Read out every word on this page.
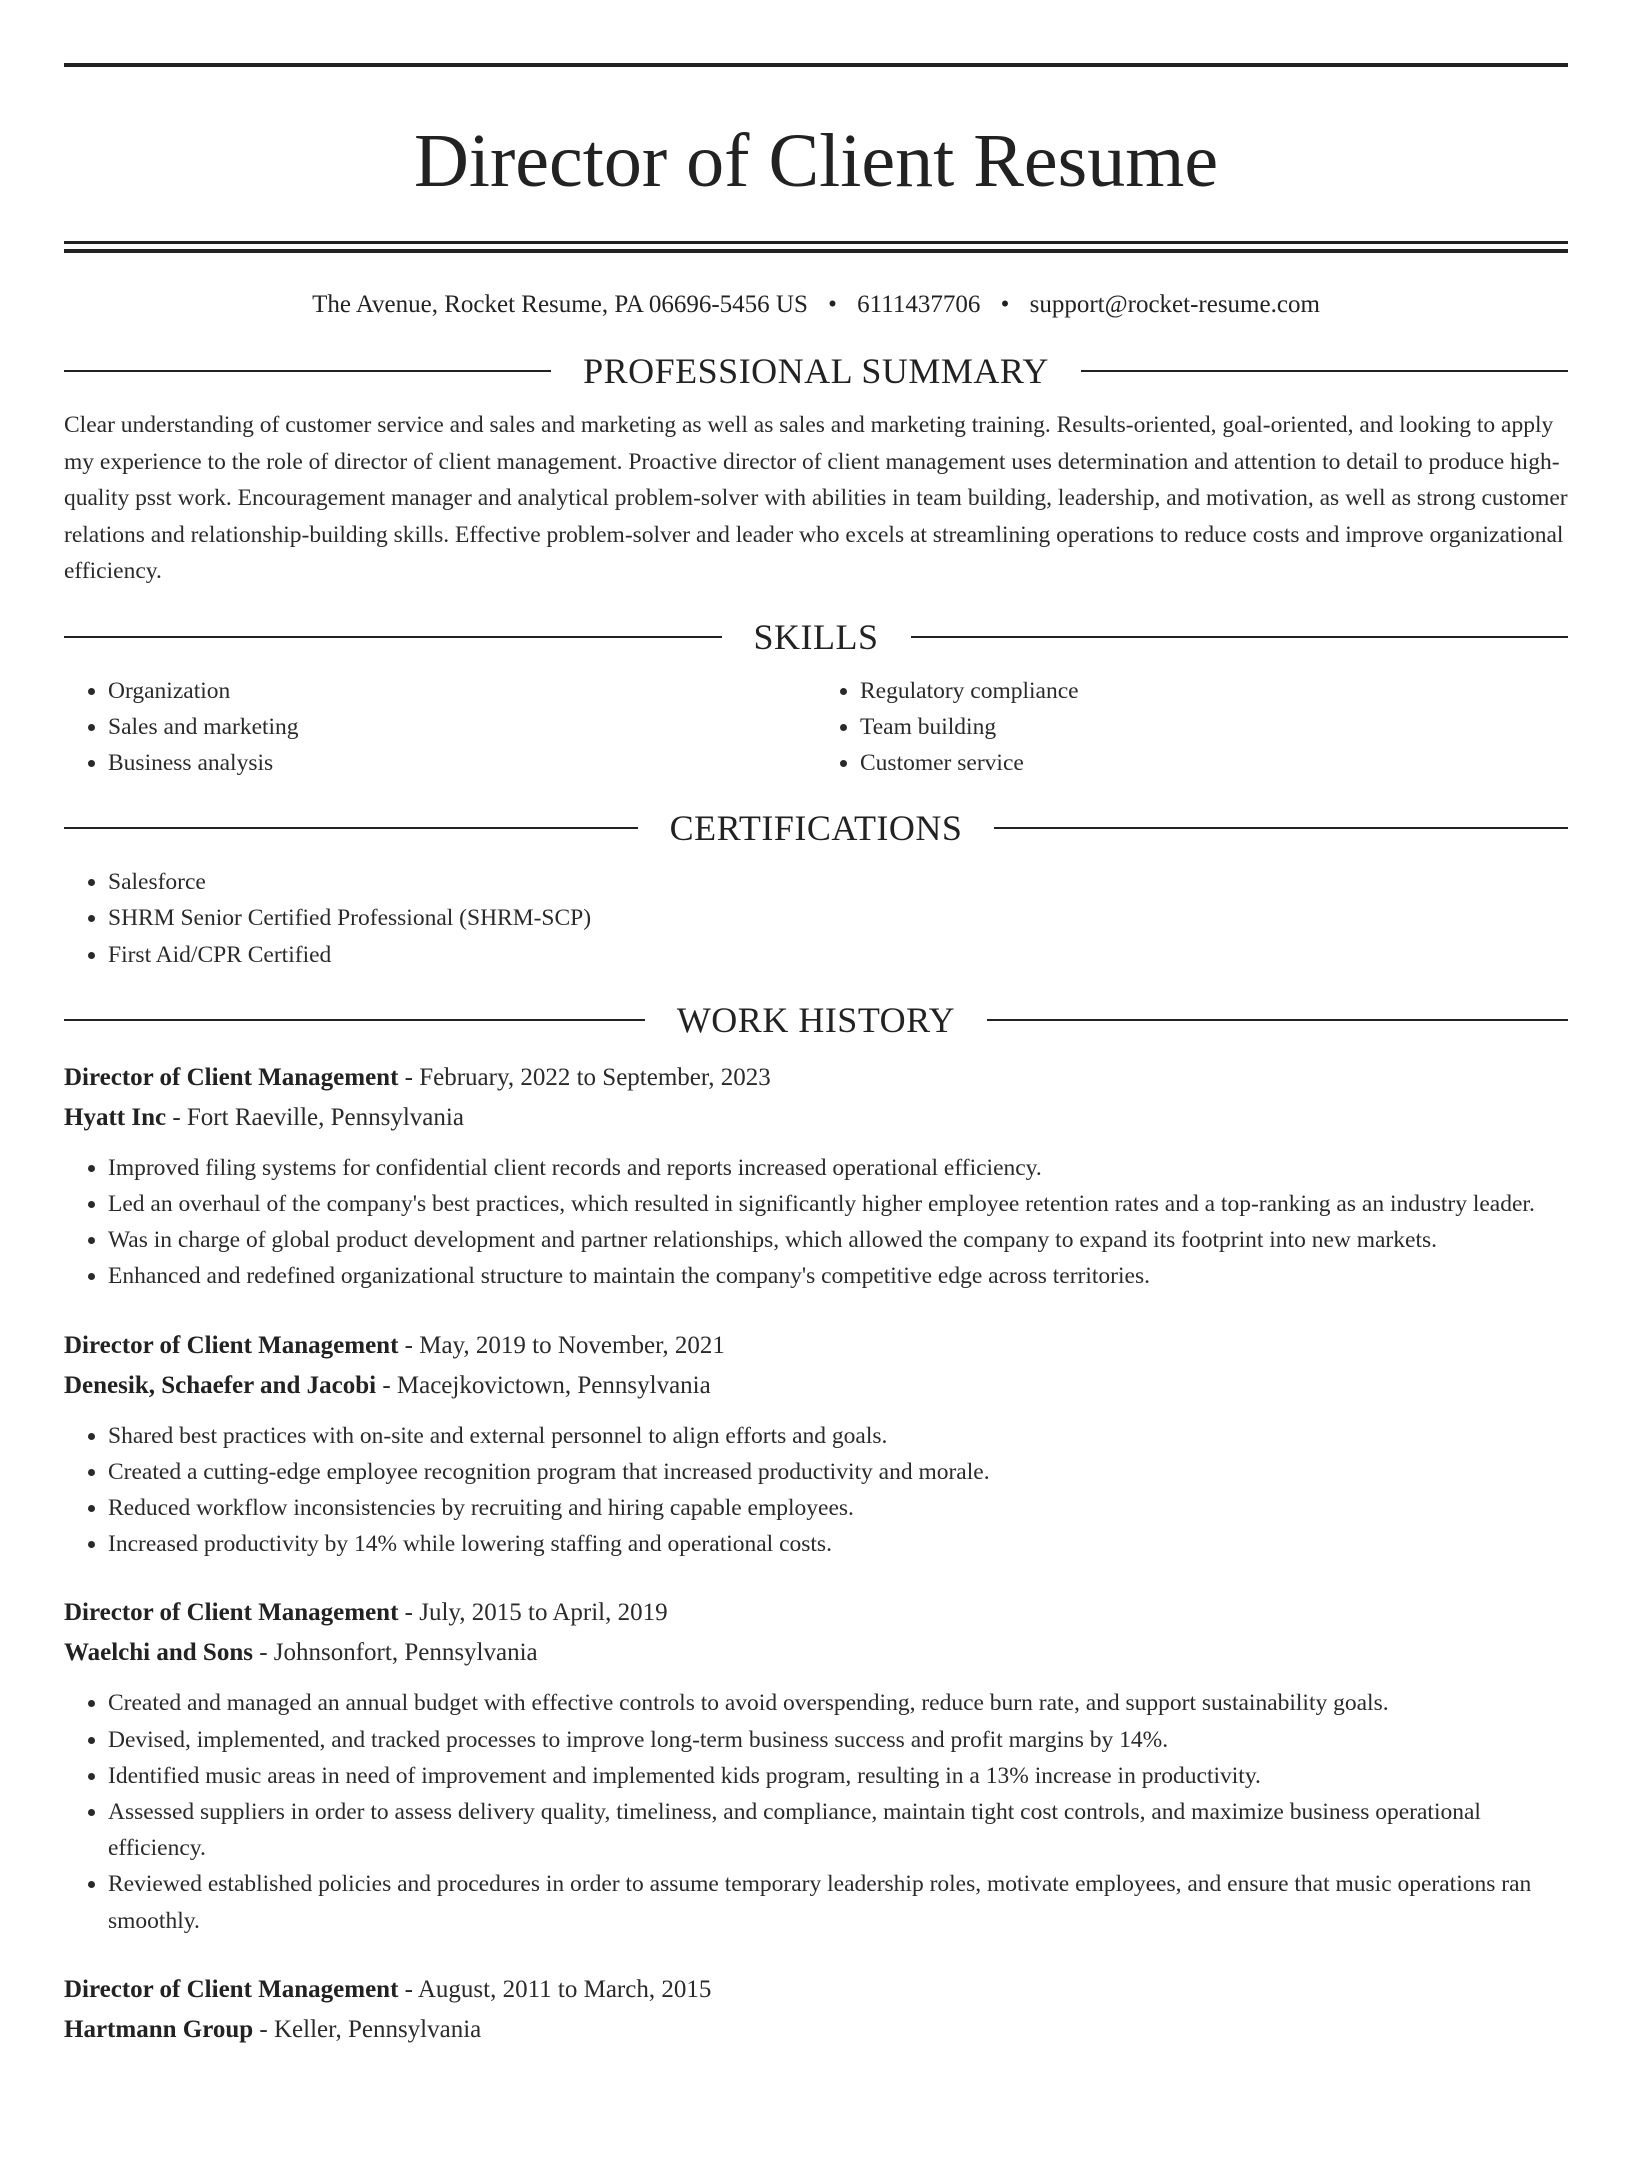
Director of Client Resume
The Avenue, Rocket Resume, PA 06696-5456 US • 6111437706 • support@rocket-resume.com
PROFESSIONAL SUMMARY
Clear understanding of customer service and sales and marketing as well as sales and marketing training. Results-oriented, goal-oriented, and looking to apply my experience to the role of director of client management. Proactive director of client management uses determination and attention to detail to produce high-quality psst work. Encouragement manager and analytical problem-solver with abilities in team building, leadership, and motivation, as well as strong customer relations and relationship-building skills. Effective problem-solver and leader who excels at streamlining operations to reduce costs and improve organizational efficiency.
SKILLS
• Organization
• Sales and marketing
• Business analysis
• Regulatory compliance
• Team building
• Customer service
CERTIFICATIONS
• Salesforce
• SHRM Senior Certified Professional (SHRM-SCP)
• First Aid/CPR Certified
WORK HISTORY
Director of Client Management - February, 2022 to September, 2023
Hyatt Inc - Fort Raeville, Pennsylvania
• Improved filing systems for confidential client records and reports increased operational efficiency.
• Led an overhaul of the company's best practices, which resulted in significantly higher employee retention rates and a top-ranking as an industry leader.
• Was in charge of global product development and partner relationships, which allowed the company to expand its footprint into new markets.
• Enhanced and redefined organizational structure to maintain the company's competitive edge across territories.
Director of Client Management - May, 2019 to November, 2021
Denesik, Schaefer and Jacobi - Macejkovictown, Pennsylvania
• Shared best practices with on-site and external personnel to align efforts and goals.
• Created a cutting-edge employee recognition program that increased productivity and morale.
• Reduced workflow inconsistencies by recruiting and hiring capable employees.
• Increased productivity by 14% while lowering staffing and operational costs.
Director of Client Management - July, 2015 to April, 2019
Waelchi and Sons - Johnsonfort, Pennsylvania
• Created and managed an annual budget with effective controls to avoid overspending, reduce burn rate, and support sustainability goals.
• Devised, implemented, and tracked processes to improve long-term business success and profit margins by 14%.
• Identified music areas in need of improvement and implemented kids program, resulting in a 13% increase in productivity.
• Assessed suppliers in order to assess delivery quality, timeliness, and compliance, maintain tight cost controls, and maximize business operational efficiency.
• Reviewed established policies and procedures in order to assume temporary leadership roles, motivate employees, and ensure that music operations ran smoothly.
Director of Client Management - August, 2011 to March, 2015
Hartmann Group - Keller, Pennsylvania
